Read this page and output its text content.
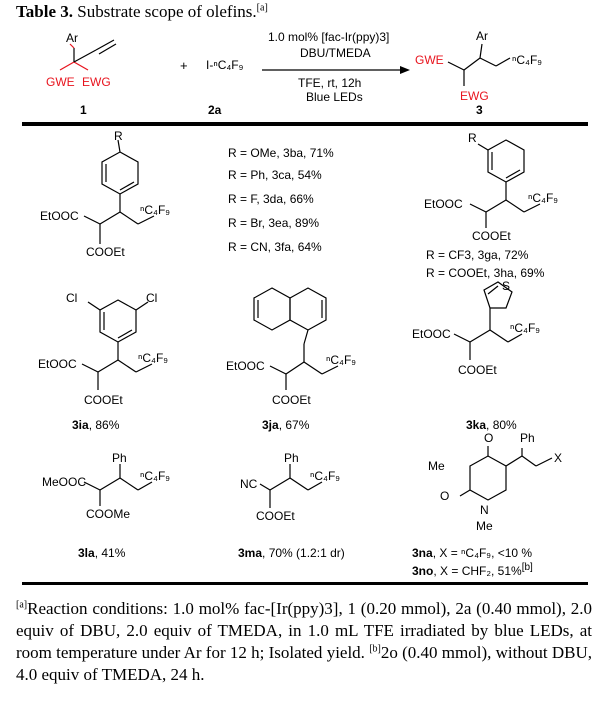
Table 3. Substrate scope of olefins.[a]
Ar
GWE EWG
GWE
EWG
Ar
ⁿC₄F₉
R
EtOOC
COOEt
ⁿC₄F₉
R
EtOOC
COOEt
ⁿC₄F₉
Cl	Cl
EtOOC
COOEt
ⁿC₄F₉
EtOOC
COOEt
ⁿC₄F₉
S
EtOOC
COOEt
ⁿC₄F₉
Ph
MeOOC
COOMe
ⁿC₄F₉
Ph
NC
COOEt
ⁿC₄F₉
O Ph
X
Me
O
N
Me
+ I-ⁿC₄F₉
1.0 mol% [fac-Ir(ppy)3]
DBU/TMEDA
TFE, rt, 12h
Blue LEDs
1	2a	3
R = OMe, 3ba, 71%
R = Ph, 3ca, 54%
R = F, 3da, 66%
R = Br, 3ea, 89%
R = CN, 3fa, 64%
R = CF3, 3ga, 72%
R = COOEt, 3ha, 69%
3ia, 86%	3ja, 67%	3ka, 80%
3la, 41%	3ma, 70% (1.2:1 dr)	3na, X = ⁿC₄F₉, <10 %
3no, X = CHF₂, 51%[b]
[a]Reaction conditions: 1.0 mol% fac-[Ir(ppy)3], 1 (0.20 mmol), 2a (0.40 mmol), 2.0 equiv of DBU, 2.0 equiv of TMEDA, in 1.0 mL TFE irradiated by blue LEDs, at room temperature under Ar for 12 h; Isolated yield. [b]2o (0.40 mmol), without DBU, 4.0 equiv of TMEDA, 24 h.
